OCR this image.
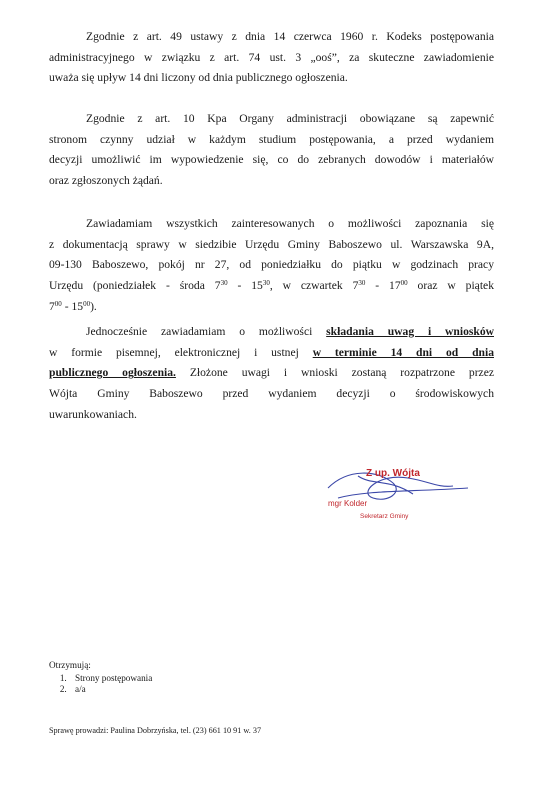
Zgodnie z art. 49 ustawy z dnia 14 czerwca 1960 r. Kodeks postępowania
administracyjnego w związku z art. 74 ust. 3 „ooś”, za skuteczne zawiadomienie
uważa się upływ 14 dni liczony od dnia publicznego ogłoszenia.
Zgodnie z art. 10 Kpa Organy administracji obowiązane są zapewnić
stronom czynny udział w każdym studium postępowania, a przed wydaniem
decyzji umożliwić im wypowiedzenie się, co do zebranych dowodów i materiałów
oraz zgłoszonych żądań.
Zawiadamiam wszystkich zainteresowanych o możliwości zapoznania się
z dokumentacją sprawy w siedzibie Urzędu Gminy Baboszewo ul. Warszawska 9A,
09-130 Baboszewo, pokój nr 27, od poniedziałku do piątku w godzinach pracy
Urzędu (poniedziałek - środa $7^{30} - 15^{30}$, w czwartek $7^{30} - 17^{00}$ oraz w piątek
$7^{00} - 15^{00}$).
Jednocześnie zawiadamiam o możliwości składania uwag i wniosków
w formie pisemnej, elektronicznej i ustnej w terminie 14 dni od dnia
publicznego ogłoszenia. Złożone uwagi i wnioski zostaną rozpatrzone przez
Wójta Gminy Baboszewo przed wydaniem decyzji o środowiskowych
uwarunkowaniach.
Z up. Wójta
mgr Kolder
Sekretarz Gminy
Otrzymują:
1. Strony postępowania
2. a/a
Sprawę prowadzi: Paulina Dobrzyńska, tel. (23) 661 10 91 w. 37
